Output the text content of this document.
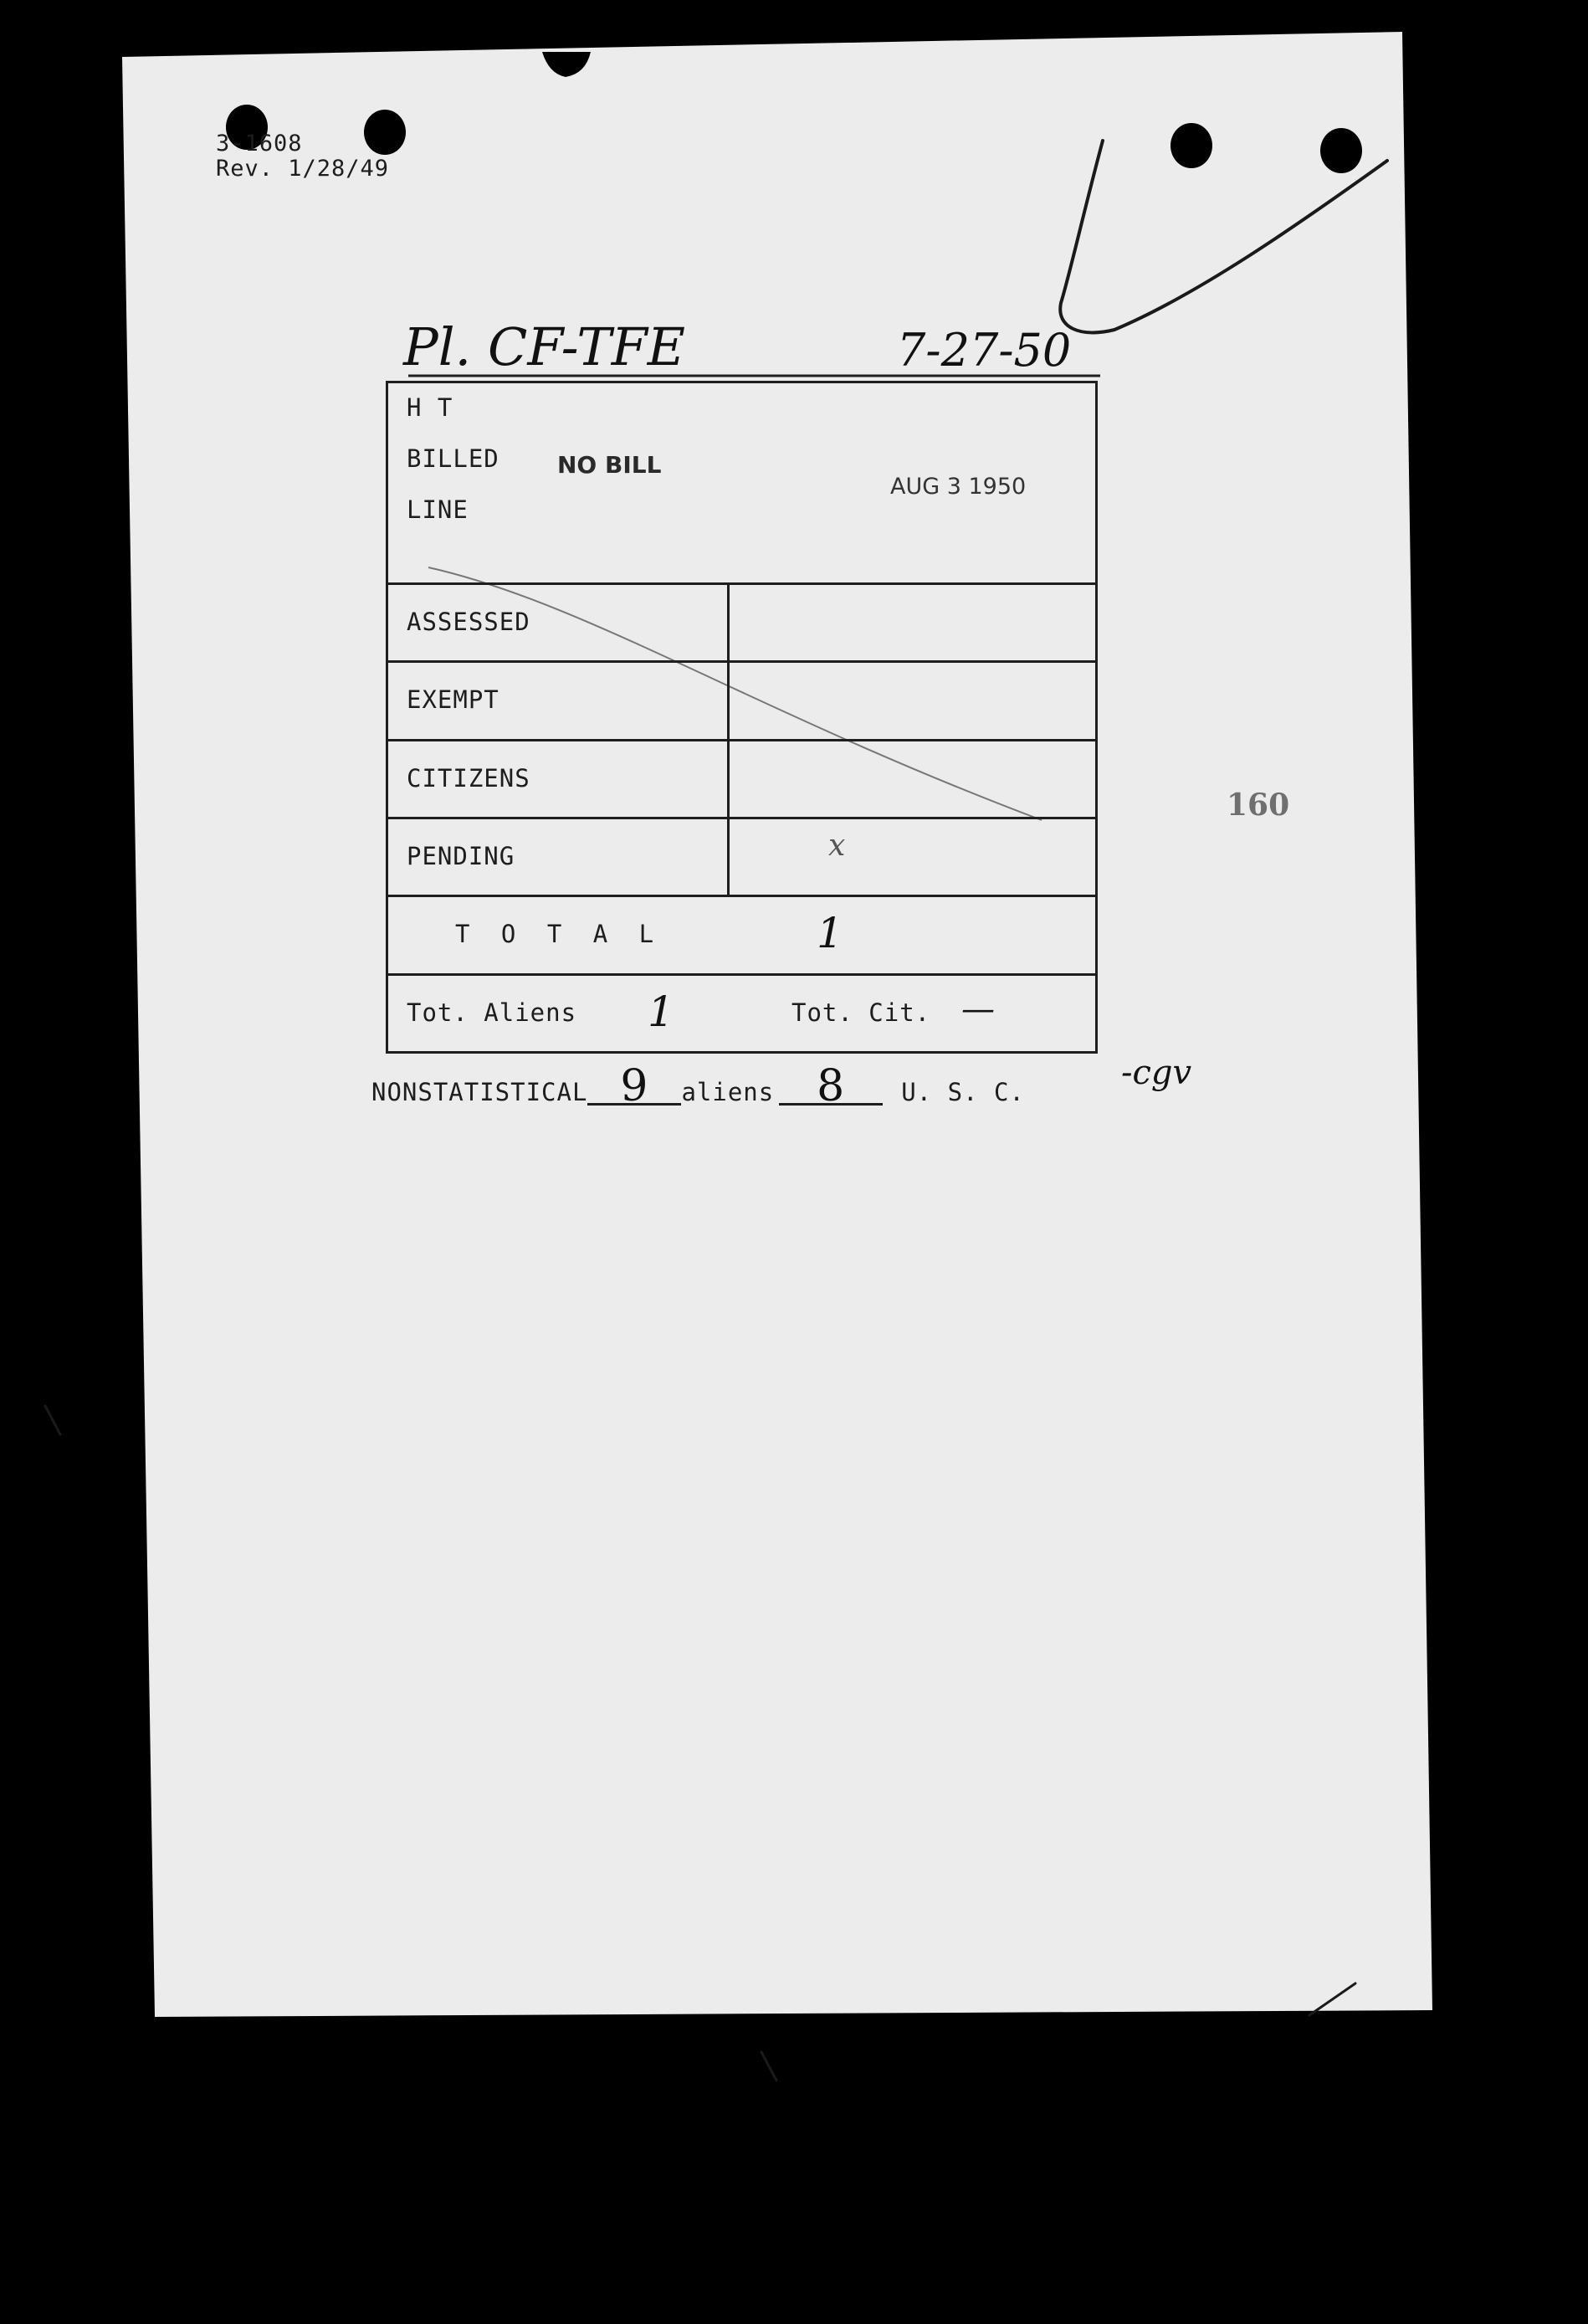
3-1608
Rev. 1/28/49
Pl. CF-TFE	7-27-50
H T
BILLED
LINE
NO BILL
AUG 3 1950	

ASSESSED	

EXEMPT	

CITIZENS	

PENDING	x

T O T A L 1	

Tot. Aliens 1 Tot. Cit. —	
NONSTATISTICAL 9 aliens 8 U. S. C.	-cgv
160
